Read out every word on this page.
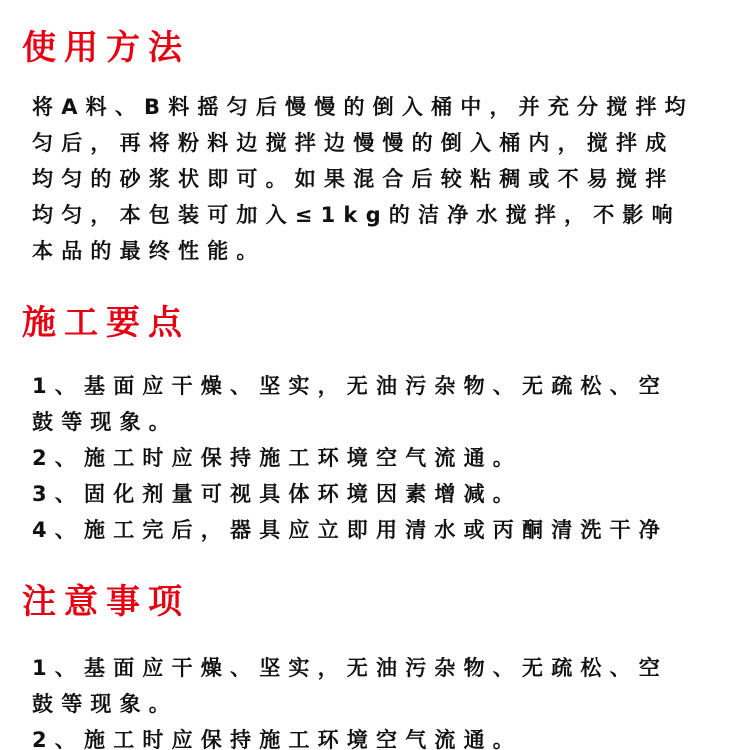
使用方法
将A料、B料摇匀后慢慢的倒入桶中，并充分搅拌均
匀后，再将粉料边搅拌边慢慢的倒入桶内，搅拌成
均匀的砂浆状即可。如果混合后较粘稠或不易搅拌
均匀，本包装可加入≤1kg的洁净水搅拌，不影响
本品的最终性能。
施工要点
1、基面应干燥、坚实，无油污杂物、无疏松、空
鼓等现象。
2、施工时应保持施工环境空气流通。
3、固化剂量可视具体环境因素增减。
4、施工完后，器具应立即用清水或丙酮清洗干净
注意事项
1、基面应干燥、坚实，无油污杂物、无疏松、空
鼓等现象。
2、施工时应保持施工环境空气流通。
